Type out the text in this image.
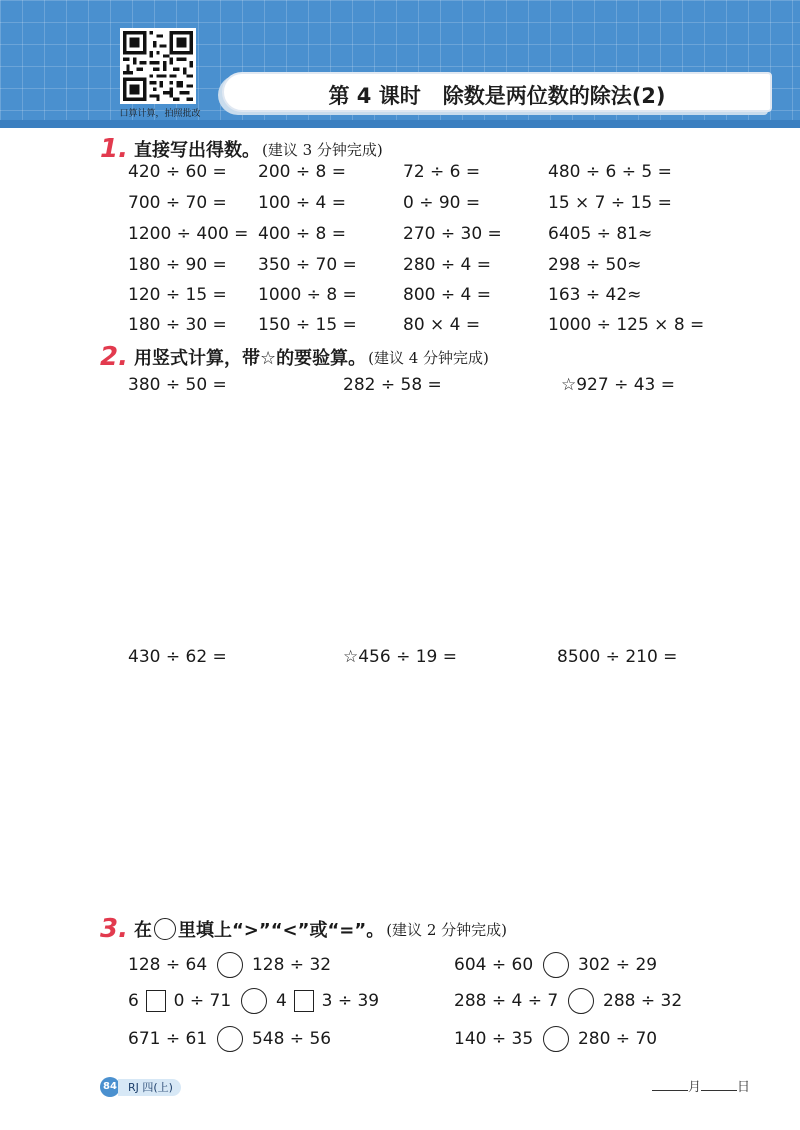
口算计算，拍照批改
第 4 课时 除数是两位数的除法(2)
1. 直接写出得数。 (建议 3 分钟完成)
420 ÷ 60 = 200 ÷ 8 =	72 ÷ 6 =	480 ÷ 6 ÷ 5 =
700 ÷ 70 = 100 ÷ 4 =	0 ÷ 90 =	15 × 7 ÷ 15 =
1200 ÷ 400 = 400 ÷ 8 =	270 ÷ 30 =	6405 ÷ 81≈
180 ÷ 90 = 350 ÷ 70 =	280 ÷ 4 =	298 ÷ 50≈
120 ÷ 15 = 1000 ÷ 8 =	800 ÷ 4 =	163 ÷ 42≈
180 ÷ 30 = 150 ÷ 15 =	80 × 4 =	1000 ÷ 125 × 8 =
2. 用竖式计算，带☆的要验算。 (建议 4 分钟完成)
380 ÷ 50 =	282 ÷ 58 =	☆927 ÷ 43 =
430 ÷ 62 =	☆456 ÷ 19 =	8500 ÷ 210 =
3. 在 里填上“>”“<”或“=”。 (建议 2 分钟完成)
128 ÷ 64	128 ÷ 32	604 ÷ 60	302 ÷ 29
6 0 ÷ 71	4 3 ÷ 39	288 ÷ 4 ÷ 7	288 ÷ 32
671 ÷ 61	548 ÷ 56	140 ÷ 35	280 ÷ 70
84	RJ 四(上)	月	日
